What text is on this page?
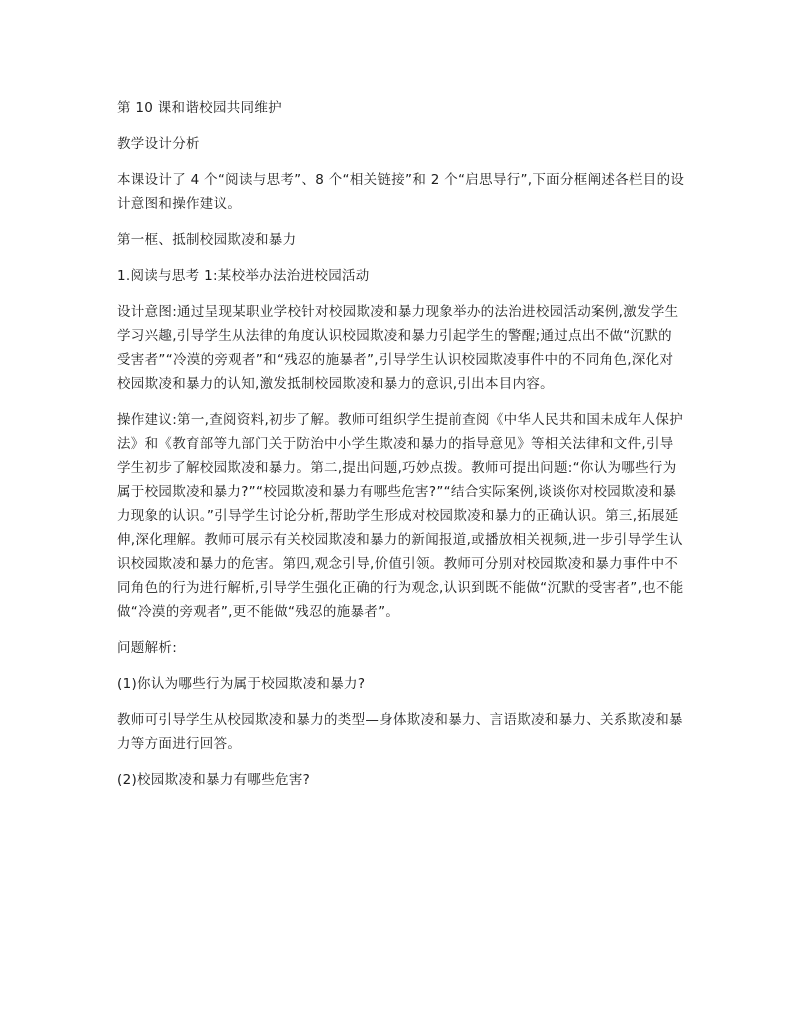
第 10 课和谐校园共同维护

教学设计分析

本课设计了 4 个“阅读与思考”、8 个“相关链接”和 2 个“启思导行”,下面分框阐述各栏目的设计意图和操作建议。

第一框、抵制校园欺凌和暴力

1.阅读与思考 1:某校举办法治进校园活动

设计意图:通过呈现某职业学校针对校园欺凌和暴力现象举办的法治进校园活动案例,激发学生学习兴趣,引导学生从法律的角度认识校园欺凌和暴力引起学生的警醒;通过点出不做“沉默的受害者”“冷漠的旁观者”和“残忍的施暴者”,引导学生认识校园欺凌事件中的不同角色,深化对校园欺凌和暴力的认知,激发抵制校园欺凌和暴力的意识,引出本目内容。

操作建议:第一,查阅资料,初步了解。教师可组织学生提前查阅《中华人民共和国未成年人保护法》和《教育部等九部门关于防治中小学生欺凌和暴力的指导意见》等相关法律和文件,引导学生初步了解校园欺凌和暴力。第二,提出问题,巧妙点拨。教师可提出问题:“你认为哪些行为属于校园欺凌和暴力?”“校园欺凌和暴力有哪些危害?”“结合实际案例,谈谈你对校园欺凌和暴力现象的认识。”引导学生讨论分析,帮助学生形成对校园欺凌和暴力的正确认识。第三,拓展延伸,深化理解。教师可展示有关校园欺凌和暴力的新闻报道,或播放相关视频,进一步引导学生认识校园欺凌和暴力的危害。第四,观念引导,价值引领。教师可分别对校园欺凌和暴力事件中不同角色的行为进行解析,引导学生强化正确的行为观念,认识到既不能做“沉默的受害者”,也不能做“冷漠的旁观者”,更不能做“残忍的施暴者”。

问题解析:

(1)你认为哪些行为属于校园欺凌和暴力?

教师可引导学生从校园欺凌和暴力的类型—身体欺凌和暴力、言语欺凌和暴力、关系欺凌和暴力等方面进行回答。

(2)校园欺凌和暴力有哪些危害?
